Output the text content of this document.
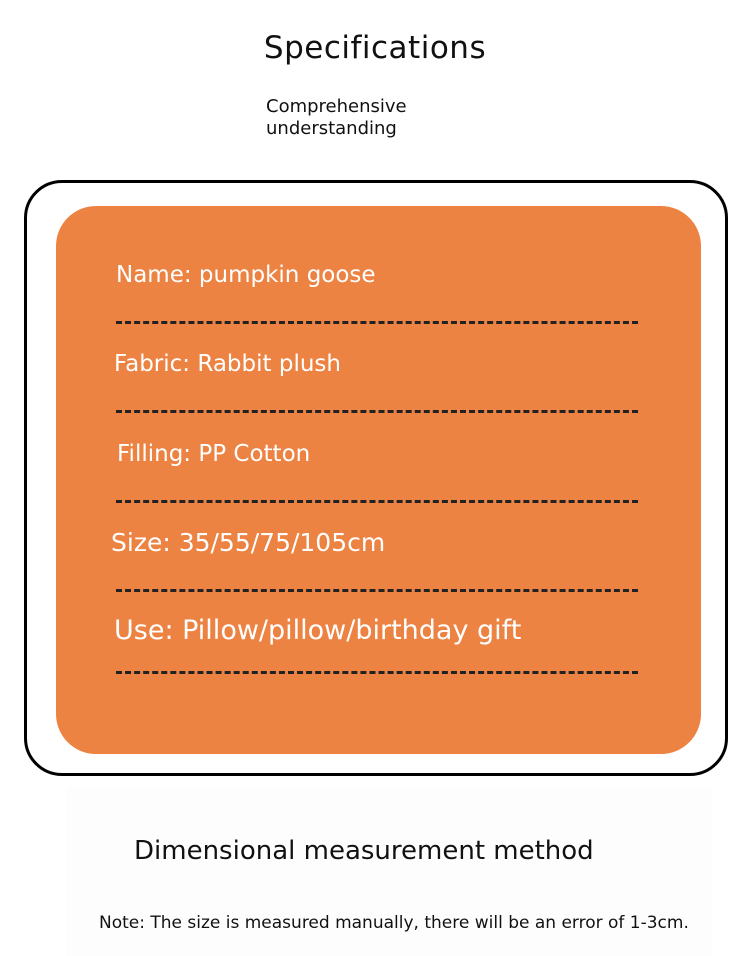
Specifications
Comprehensive
understanding
Name: pumpkin goose
Fabric: Rabbit plush
Filling: PP Cotton
Size: 35/55/75/105cm
Use: Pillow/pillow/birthday gift
Dimensional measurement method
Note: The size is measured manually, there will be an error of 1-3cm.
